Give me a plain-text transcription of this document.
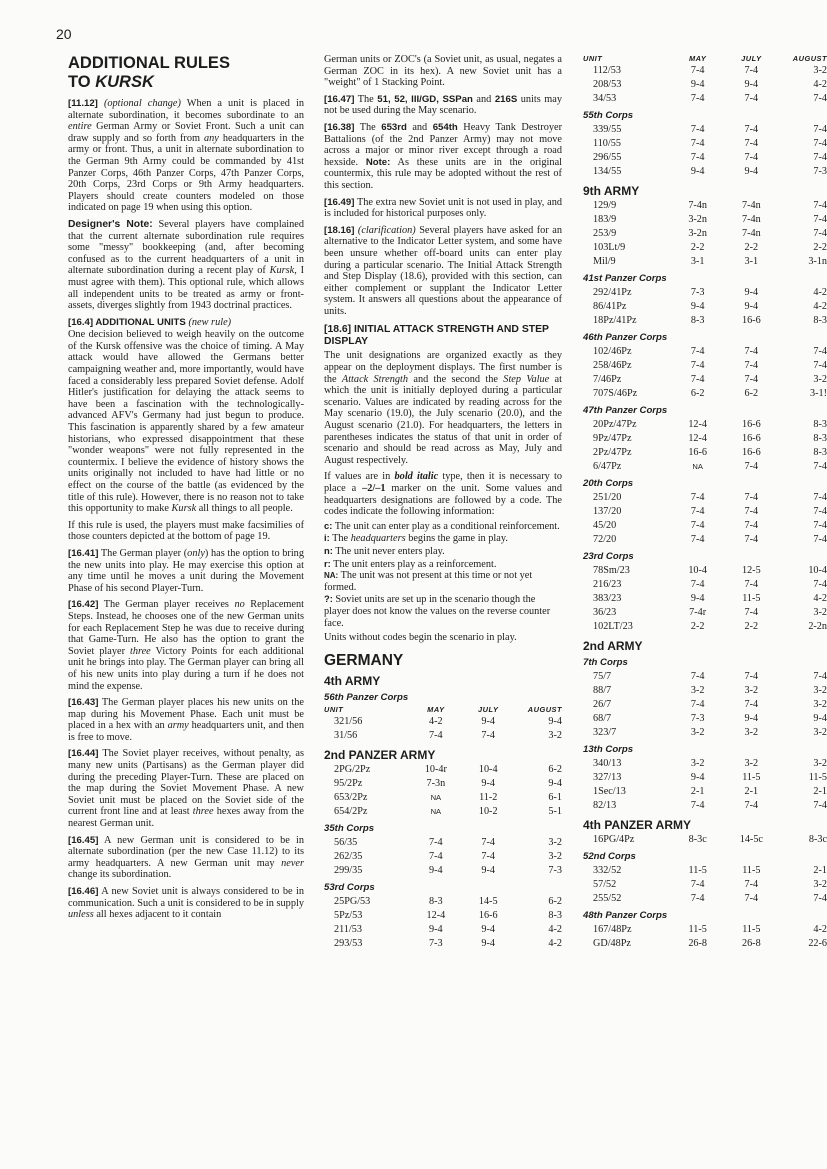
20
ADDITIONAL RULES
TO KURSK

[11.12] (optional change) When a unit is placed in alternate subordination, it becomes subordinate to an entire German Army or Soviet Front. Such a unit can draw supply and so forth from any headquarters in the army or front. Thus, a unit in alternate subordination to the German 9th Army could be commanded by 41st Panzer Corps, 46th Panzer Corps, 47th Panzer Corps, 20th Corps, 23rd Corps or 9th Army headquarters. Players should create counters modeled on those indicated on page 19 when using this option.

Designer's Note: Several players have complained that the current alternate subordination rule requires some "messy" bookkeeping (and, after becoming confused as to the current headquarters of a unit in alternate subordination during a recent play of Kursk, I must agree with them). This optional rule, which allows all independent units to be treated as army or front-assets, diverges slightly from 1943 doctrinal practices.

[16.4] ADDITIONAL UNITS (new rule)

One decision believed to weigh heavily on the outcome of the Kursk offensive was the choice of timing. A May attack would have allowed the Germans better campaigning weather and, more importantly, would have faced a considerably less prepared Soviet defense. Adolf Hitler's justification for delaying the attack seems to have been a fascination with the technologically-advanced AFV's Germany had just begun to produce. This fascination is apparently shared by a few amateur historians, who expressed disappointment that these "wonder weapons" were not fully represented in the countermix. I believe the evidence of history shows the units originally not included to have had little or no effect on the course of the battle (as evidenced by the title of this rule). However, there is no reason not to take this opportunity to make Kursk all things to all people.

If this rule is used, the players must make facsimilies of those counters depicted at the bottom of page 19.

[16.41] The German player (only) has the option to bring the new units into play. He may exercise this option at any time until he moves a unit during the Movement Phase of his second Player-Turn.

[16.42] The German player receives no Replacement Steps. Instead, he chooses one of the new German units for each Replacement Step he was due to receive during that Game-Turn. He also has the option to grant the Soviet player three Victory Points for each additional unit he brings into play. The German player can bring all of his new units into play during a turn if he does not mind the expense.

[16.43] The German player places his new units on the map during his Movement Phase. Each unit must be placed in a hex with an army headquarters unit, and then is free to move.

[16.44] The Soviet player receives, without penalty, as many new units (Partisans) as the German player did during the preceding Player-Turn. These are placed on the map during the Soviet Movement Phase. A new Soviet unit must be placed on the Soviet side of the current front line and at least three hexes away from the nearest German unit.

[16.45] A new German unit is considered to be in alternate subordination (per the new Case 11.12) to its army headquarters. A new German unit may never change its subordination.

[16.46] A new Soviet unit is always considered to be in communication. Such a unit is considered to be in supply unless all hexes adjacent to it contain

German units or ZOC's (a Soviet unit, as usual, negates a German ZOC in its hex). A new Soviet unit has a "weight" of 1 Stacking Point.

[16.47] The 51, 52, III/GD, SSPan and 216S units may not be used during the May scenario.

[16.38] The 653rd and 654th Heavy Tank Destroyer Battalions (of the 2nd Panzer Army) may not move across a major or minor river except through a road hexside. Note: As these units are in the original countermix, this rule may be adopted without the rest of this section.

[16.49] The extra new Soviet unit is not used in play, and is included for historical purposes only.

[18.16] (clarification) Several players have asked for an alternative to the Indicator Letter system, and some have been unsure whether off-board units can enter play during a particular scenario. The Initial Attack Strength and Step Display (18.6), provided with this section, can either complement or supplant the Indicator Letter system. It answers all questions about the appearance of units.

[18.6] INITIAL ATTACK STRENGTH AND STEP DISPLAY

The unit designations are organized exactly as they appear on the deployment displays. The first number is the Attack Strength and the second the Step Value at which the unit is initially deployed during a particular scenario. Values are indicated by reading across for the May scenario (19.0), the July scenario (20.0), and the August scenario (21.0). For headquarters, the letters in parentheses indicates the status of that unit in order of scenario and should be read across as May, July and August respectively.

If values are in bold italic type, then it is necessary to place a –2/–1 marker on the unit. Some values and headquarters designations are followed by a code. The codes indicate the following information:

c: The unit can enter play as a conditional reinforcement.
i: The headquarters begins the game in play.
n: The unit never enters play.
r: The unit enters play as a reinforcement.
NA: The unit was not present at this time or not yet formed.
?: Soviet units are set up in the scenario though the player does not know the values on the reverse counter face.

Units without codes begin the scenario in play.

GERMANY
4th ARMY
56th Panzer Corps
UNIT	MAY	JULY	AUGUST
321/56	4-2	9-4	9-4
31/56	7-4	7-4	3-2
2nd PANZER ARMY
2PG/2Pz	10-4r	10-4	6-2
95/2Pz	7-3n	9-4	9-4
653/2Pz	NA	11-2	6-1
654/2Pz	NA	10-2	5-1
35th Corps
56/35	7-4	7-4	3-2
262/35	7-4	7-4	3-2
299/35	9-4	9-4	7-3
53rd Corps
25PG/53	8-3	14-5	6-2
5Pz/53	12-4	16-6	8-3
211/53	9-4	9-4	4-2
293/53	7-3	9-4	4-2
UNIT	MAY	JULY	AUGUST
112/53	7-4	7-4	3-2
208/53	9-4	9-4	4-2
34/53	7-4	7-4	7-4
55th Corps
339/55	7-4	7-4	7-4
110/55	7-4	7-4	7-4
296/55	7-4	7-4	7-4
134/55	9-4	9-4	7-3
9th ARMY
129/9	7-4n	7-4n	7-4
183/9	3-2n	7-4n	7-4
253/9	3-2n	7-4n	7-4
103Lt/9	2-2	2-2	2-2
Mil/9	3-1	3-1	3-1n
41st Panzer Corps
292/41Pz	7-3	9-4	4-2
86/41Pz	9-4	9-4	4-2
18Pz/41Pz	8-3	16-6	8-3
46th Panzer Corps
102/46Pz	7-4	7-4	7-4
258/46Pz	7-4	7-4	7-4
7/46Pz	7-4	7-4	3-2
707S/46Pz	6-2	6-2	3-1!
47th Panzer Corps
20Pz/47Pz	12-4	16-6	8-3
9Pz/47Pz	12-4	16-6	8-3
2Pz/47Pz	16-6	16-6	8-3
6/47Pz	NA	7-4	7-4
20th Corps
251/20	7-4	7-4	7-4
137/20	7-4	7-4	7-4
45/20	7-4	7-4	7-4
72/20	7-4	7-4	7-4
23rd Corps
78Sm/23	10-4	12-5	10-4
216/23	7-4	7-4	7-4
383/23	9-4	11-5	4-2
36/23	7-4r	7-4	3-2
102LT/23	2-2	2-2	2-2n
2nd ARMY
7th Corps
75/7	7-4	7-4	7-4
88/7	3-2	3-2	3-2
26/7	7-4	7-4	3-2
68/7	7-3	9-4	9-4
323/7	3-2	3-2	3-2
13th Corps
340/13	3-2	3-2	3-2
327/13	9-4	11-5	11-5
1Sec/13	2-1	2-1	2-1
82/13	7-4	7-4	7-4
4th PANZER ARMY
16PG/4Pz	8-3c	14-5c	8-3c
52nd Corps
332/52	11-5	11-5	2-1
57/52	7-4	7-4	3-2
255/52	7-4	7-4	7-4
48th Panzer Corps
167/48Pz	11-5	11-5	4-2
GD/48Pz	26-8	26-8	22-6
